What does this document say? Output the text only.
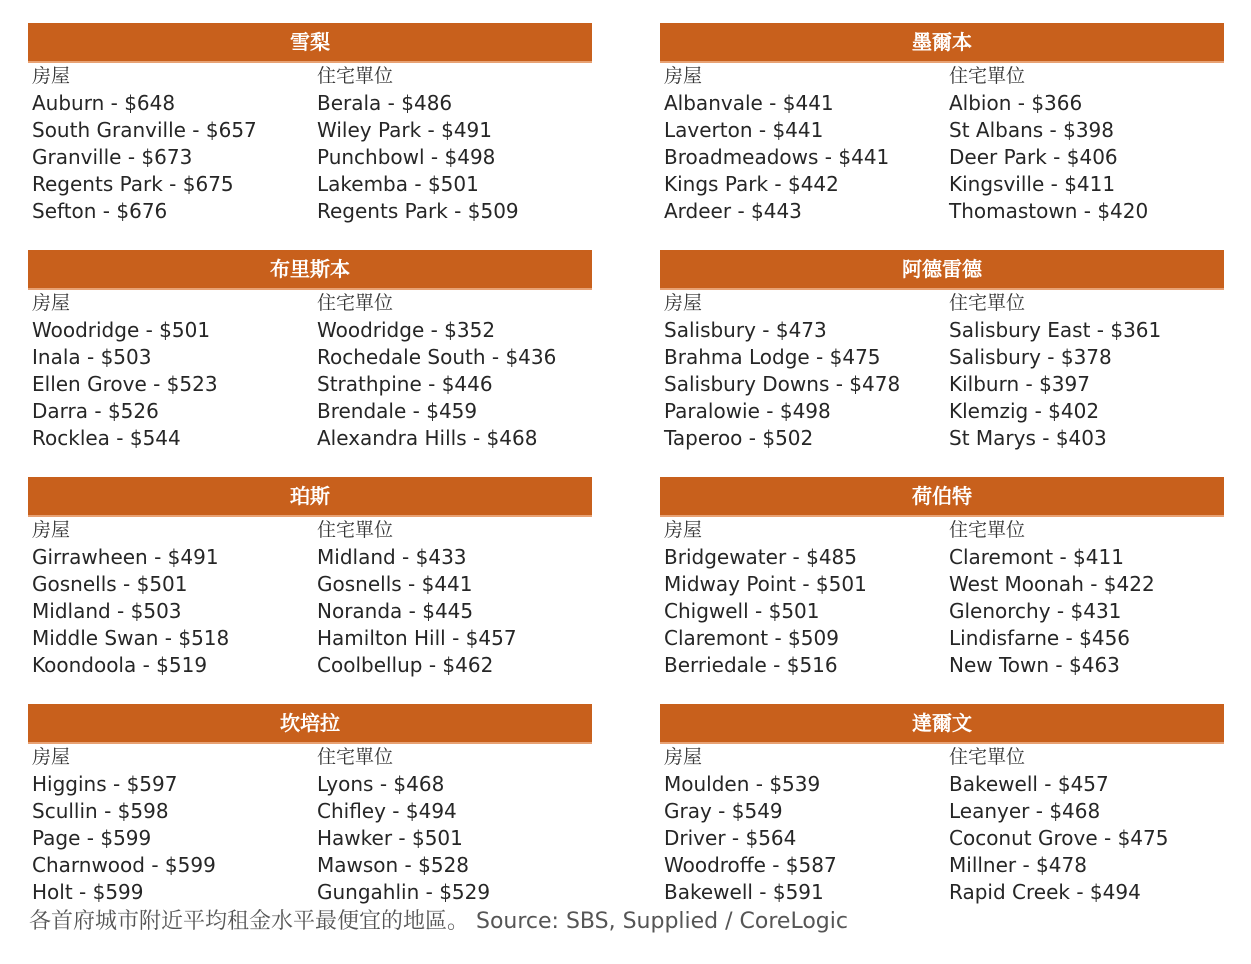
雪梨
房屋
Auburn - $648
South Granville - $657
Granville - $673
Regents Park - $675
Sefton - $676
住宅單位
Berala - $486
Wiley Park - $491
Punchbowl - $498
Lakemba - $501
Regents Park - $509
墨爾本
房屋
Albanvale - $441
Laverton - $441
Broadmeadows - $441
Kings Park - $442
Ardeer - $443
住宅單位
Albion - $366
St Albans - $398
Deer Park - $406
Kingsville - $411
Thomastown - $420
布里斯本
房屋
Woodridge - $501
Inala - $503
Ellen Grove - $523
Darra - $526
Rocklea - $544
住宅單位
Woodridge - $352
Rochedale South - $436
Strathpine - $446
Brendale - $459
Alexandra Hills - $468
阿德雷德
房屋
Salisbury - $473
Brahma Lodge - $475
Salisbury Downs - $478
Paralowie - $498
Taperoo - $502
住宅單位
Salisbury East - $361
Salisbury - $378
Kilburn - $397
Klemzig - $402
St Marys - $403
珀斯
房屋
Girrawheen - $491
Gosnells - $501
Midland - $503
Middle Swan - $518
Koondoola - $519
住宅單位
Midland - $433
Gosnells - $441
Noranda - $445
Hamilton Hill - $457
Coolbellup - $462
荷伯特
房屋
Bridgewater - $485
Midway Point - $501
Chigwell - $501
Claremont - $509
Berriedale - $516
住宅單位
Claremont - $411
West Moonah - $422
Glenorchy - $431
Lindisfarne - $456
New Town - $463
坎培拉
房屋
Higgins - $597
Scullin - $598
Page - $599
Charnwood - $599
Holt - $599
住宅單位
Lyons - $468
Chifley - $494
Hawker - $501
Mawson - $528
Gungahlin - $529
達爾文
房屋
Moulden - $539
Gray - $549
Driver - $564
Woodroffe - $587
Bakewell - $591
住宅單位
Bakewell - $457
Leanyer - $468
Coconut Grove - $475
Millner - $478
Rapid Creek - $494
各首府城市附近平均租金水平最便宜的地區。 Source: SBS, Supplied / CoreLogic
